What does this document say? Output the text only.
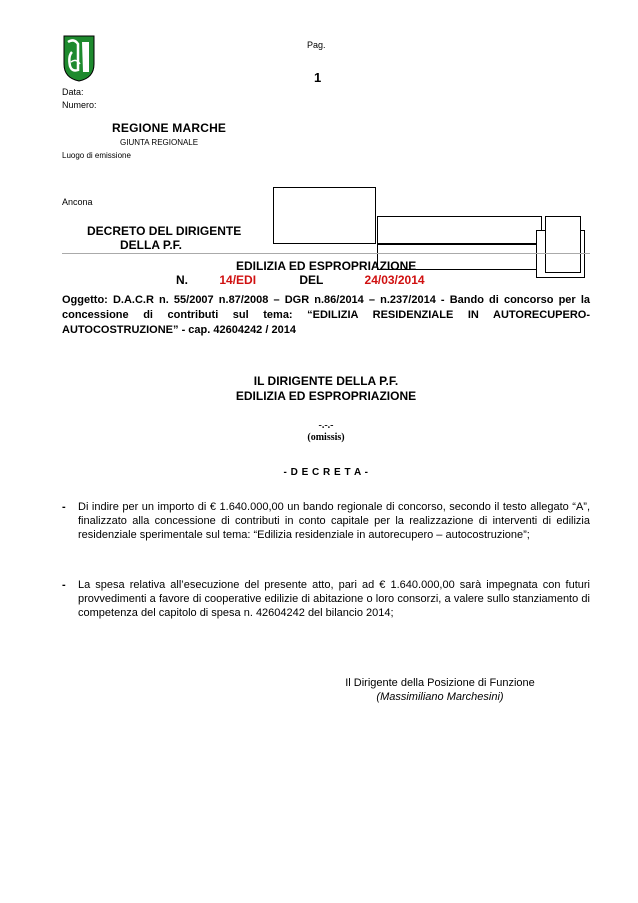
Pag.
1
Data:
Numero:
REGIONE MARCHE
GIUNTA REGIONALE
Luogo di emissione
Ancona
DECRETO DEL DIRIGENTE
DELLA P.F.
EDILIZIA ED ESPROPRIAZIONE
N.	14/EDI	DEL	24/03/2014
Oggetto: D.A.C.R n. 55/2007 n.87/2008 – DGR n.86/2014 – n.237/2014 - Bando di concorso per la concessione di contributi sul tema: “EDILIZIA RESIDENZIALE IN AUTORECUPERO-AUTOCOSTRUZIONE” - cap. 42604242 / 2014
IL DIRIGENTE DELLA P.F.
EDILIZIA ED ESPROPRIAZIONE
-.-.-
(omissis)
- D E C R E T A -
- Di indire per un importo di € 1.640.000,00 un bando regionale di concorso, secondo il testo allegato “A”, finalizzato alla concessione di contributi in conto capitale per la realizzazione di interventi di edilizia residenziale sperimentale sul tema: “Edilizia residenziale in autorecupero – autocostruzione”;
- La spesa relativa all’esecuzione del presente atto, pari ad € 1.640.000,00 sarà impegnata con futuri provvedimenti a favore di cooperative edilizie di abitazione o loro consorzi, a valere sullo stanziamento di competenza del capitolo di spesa n. 42604242 del bilancio 2014;
Il Dirigente della Posizione di Funzione
(Massimiliano Marchesini)
